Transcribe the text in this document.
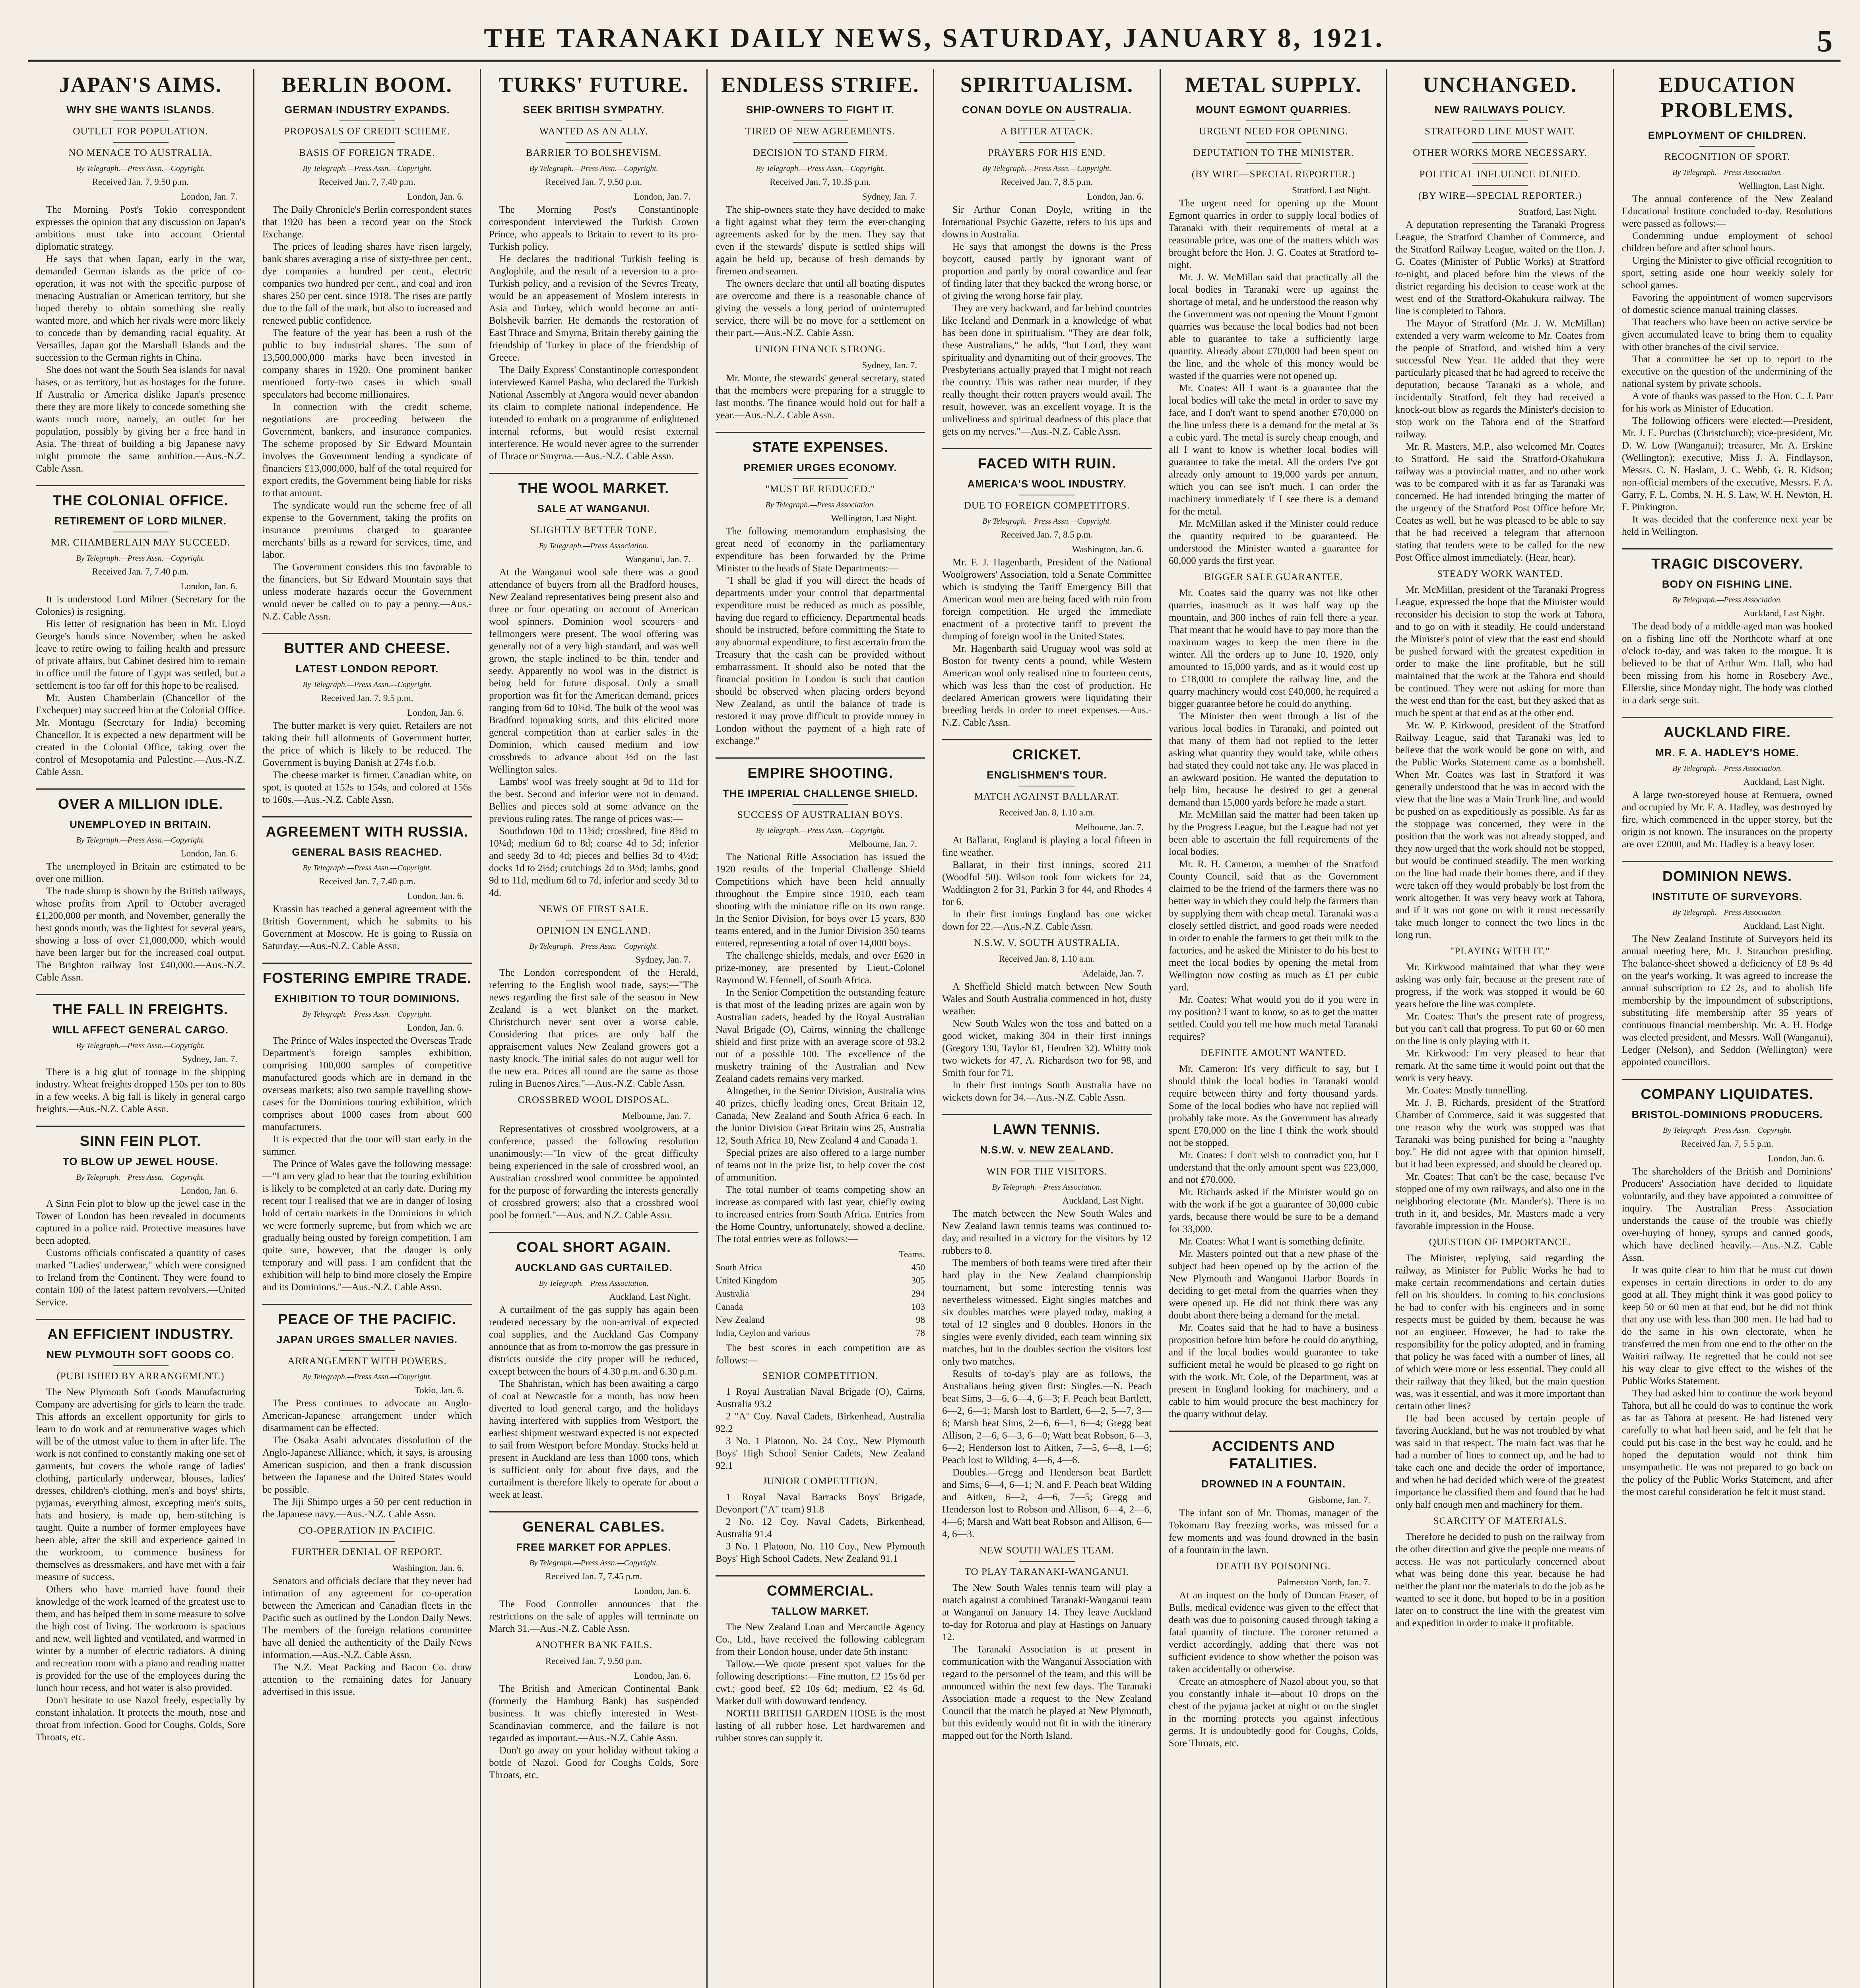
THE TARANAKI DAILY NEWS, SATURDAY, JANUARY 8, 1921.	5
JAPAN'S AIMS.
WHY SHE WANTS ISLANDS.
OUTLET FOR POPULATION.
NO MENACE TO AUSTRALIA.
By Telegraph.—Press Assn.—Copyright.
Received Jan. 7, 9.50 p.m.
London, Jan. 7.

The Morning Post's Tokio correspondent expresses the opinion that any discussion on Japan's ambitions must take into account Oriental diplomatic strategy.

He says that when Japan, early in the war, demanded German islands as the price of co-operation, it was not with the specific purpose of menacing Australian or American territory, but she hoped thereby to obtain something she really wanted more, and which her rivals were more likely to concede than by demanding racial equality. At Versailles, Japan got the Marshall Islands and the succession to the German rights in China.

She does not want the South Sea islands for naval bases, or as territory, but as hostages for the future. If Australia or America dislike Japan's presence there they are more likely to concede something she wants much more, namely, an outlet for her population, possibly by giving her a free hand in Asia. The threat of building a big Japanese navy might promote the same ambition.—Aus.-N.Z. Cable Assn.

THE COLONIAL OFFICE.
RETIREMENT OF LORD MILNER.
MR. CHAMBERLAIN MAY SUCCEED.
By Telegraph.—Press Assn.—Copyright.
Received Jan. 7, 7.40 p.m.
London, Jan. 6.

It is understood Lord Milner (Secretary for the Colonies) is resigning.

His letter of resignation has been in Mr. Lloyd George's hands since November, when he asked leave to retire owing to failing health and pressure of private affairs, but Cabinet desired him to remain in office until the future of Egypt was settled, but a settlement is too far off for this hope to be realised.

Mr. Austen Chamberlain (Chancellor of the Exchequer) may succeed him at the Colonial Office. Mr. Montagu (Secretary for India) becoming Chancellor. It is expected a new department will be created in the Colonial Office, taking over the control of Mesopotamia and Palestine.—Aus.-N.Z. Cable Assn.

OVER A MILLION IDLE.
UNEMPLOYED IN BRITAIN.
By Telegraph.—Press Assn.—Copyright.
London, Jan. 6.

The unemployed in Britain are estimated to be over one million.

The trade slump is shown by the British railways, whose profits from April to October averaged £1,200,000 per month, and November, generally the best goods month, was the lightest for several years, showing a loss of over £1,000,000, which would have been larger but for the increased coal output. The Brighton railway lost £40,000.—Aus.-N.Z. Cable Assn.

THE FALL IN FREIGHTS.
WILL AFFECT GENERAL CARGO.
By Telegraph.—Press Assn.—Copyright.
Sydney, Jan. 7.

There is a big glut of tonnage in the shipping industry. Wheat freights dropped 150s per ton to 80s in a few weeks. A big fall is likely in general cargo freights.—Aus.-N.Z. Cable Assn.

SINN FEIN PLOT.
TO BLOW UP JEWEL HOUSE.
By Telegraph.—Press Assn.—Copyright.
London, Jan. 6.

A Sinn Fein plot to blow up the jewel case in the Tower of London has been revealed in documents captured in a police raid. Protective measures have been adopted.

Customs officials confiscated a quantity of cases marked "Ladies' underwear," which were consigned to Ireland from the Continent. They were found to contain 100 of the latest pattern revolvers.—United Service.

AN EFFICIENT INDUSTRY.
NEW PLYMOUTH SOFT GOODS CO.
(PUBLISHED BY ARRANGEMENT.)

The New Plymouth Soft Goods Manufacturing Company are advertising for girls to learn the trade. This affords an excellent opportunity for girls to learn to do work and at remunerative wages which will be of the utmost value to them in after life. The work is not confined to constantly making one set of garments, but covers the whole range of ladies' clothing, particularly underwear, blouses, ladies' dresses, children's clothing, men's and boys' shirts, pyjamas, everything almost, excepting men's suits, hats and hosiery, is made up, hem-stitching is taught. Quite a number of former employees have been able, after the skill and experience gained in the workroom, to commence business for themselves as dressmakers, and have met with a fair measure of success.

Others who have married have found their knowledge of the work learned of the greatest use to them, and has helped them in some measure to solve the high cost of living. The workroom is spacious and new, well lighted and ventilated, and warmed in winter by a number of electric radiators. A dining and recreation room with a piano and reading matter is provided for the use of the employees during the lunch hour recess, and hot water is also provided.

Don't hesitate to use Nazol freely, especially by constant inhalation. It protects the mouth, nose and throat from infection. Good for Coughs, Colds, Sore Throats, etc.

BERLIN BOOM.
GERMAN INDUSTRY EXPANDS.
PROPOSALS OF CREDIT SCHEME.
BASIS OF FOREIGN TRADE.
By Telegraph.—Press Assn.—Copyright.
Received Jan. 7, 7.40 p.m.
London, Jan. 6.

The Daily Chronicle's Berlin correspondent states that 1920 has been a record year on the Stock Exchange.

The prices of leading shares have risen largely, bank shares averaging a rise of sixty-three per cent., dye companies a hundred per cent., electric companies two hundred per cent., and coal and iron shares 250 per cent. since 1918. The rises are partly due to the fall of the mark, but also to increased and renewed public confidence.

The feature of the year has been a rush of the public to buy industrial shares. The sum of 13,500,000,000 marks have been invested in company shares in 1920. One prominent banker mentioned forty-two cases in which small speculators had become millionaires.

In connection with the credit scheme, negotiations are proceeding between the Government, bankers, and insurance companies. The scheme proposed by Sir Edward Mountain involves the Government lending a syndicate of financiers £13,000,000, half of the total required for export credits, the Government being liable for risks to that amount.

The syndicate would run the scheme free of all expense to the Government, taking the profits on insurance premiums charged to guarantee merchants' bills as a reward for services, time, and labor.

The Government considers this too favorable to the financiers, but Sir Edward Mountain says that unless moderate hazards occur the Government would never be called on to pay a penny.—Aus.-N.Z. Cable Assn.

BUTTER AND CHEESE.
LATEST LONDON REPORT.
By Telegraph.—Press Assn.—Copyright.
Received Jan. 7, 9.5 p.m.
London, Jan. 6.

The butter market is very quiet. Retailers are not taking their full allotments of Government butter, the price of which is likely to be reduced. The Government is buying Danish at 274s f.o.b.

The cheese market is firmer. Canadian white, on spot, is quoted at 152s to 154s, and colored at 156s to 160s.—Aus.-N.Z. Cable Assn.

AGREEMENT WITH RUSSIA.
GENERAL BASIS REACHED.
By Telegraph.—Press Assn.—Copyright.
Received Jan. 7, 7.40 p.m.
London, Jan. 6.

Krassin has reached a general agreement with the British Government, which he submits to his Government at Moscow. He is going to Russia on Saturday.—Aus.-N.Z. Cable Assn.

FOSTERING EMPIRE TRADE.
EXHIBITION TO TOUR DOMINIONS.
By Telegraph.—Press Assn.—Copyright.
London, Jan. 6.

The Prince of Wales inspected the Overseas Trade Department's foreign samples exhibition, comprising 100,000 samples of competitive manufactured goods which are in demand in the overseas markets; also two sample travelling show-cases for the Dominions touring exhibition, which comprises about 1000 cases from about 600 manufacturers.

It is expected that the tour will start early in the summer.

The Prince of Wales gave the following message:—"I am very glad to hear that the touring exhibition is likely to be completed at an early date. During my recent tour I realised that we are in danger of losing hold of certain markets in the Dominions in which we were formerly supreme, but from which we are gradually being ousted by foreign competition. I am quite sure, however, that the danger is only temporary and will pass. I am confident that the exhibition will help to bind more closely the Empire and its Dominions."—Aus.-N.Z. Cable Assn.

PEACE OF THE PACIFIC.
JAPAN URGES SMALLER NAVIES.
ARRANGEMENT WITH POWERS.
By Telegraph.—Press Assn.—Copyright.
Tokio, Jan. 6.

The Press continues to advocate an Anglo-American-Japanese arrangement under which disarmament can be effected.

The Osaka Asahi advocates dissolution of the Anglo-Japanese Alliance, which, it says, is arousing American suspicion, and then a frank discussion between the Japanese and the United States would be possible.

The Jiji Shimpo urges a 50 per cent reduction in the Japanese navy.—Aus.-N.Z. Cable Assn.

CO-OPERATION IN PACIFIC.
FURTHER DENIAL OF REPORT.
Washington, Jan. 6.

Senators and officials declare that they never had intimation of any agreement for co-operation between the American and Canadian fleets in the Pacific such as outlined by the London Daily News. The members of the foreign relations committee have all denied the authenticity of the Daily News information.—Aus.-N.Z. Cable Assn.

The N.Z. Meat Packing and Bacon Co. draw attention to the remaining dates for January advertised in this issue.

TURKS' FUTURE.
SEEK BRITISH SYMPATHY.
WANTED AS AN ALLY.
BARRIER TO BOLSHEVISM.
By Telegraph.—Press Assn.—Copyright.
Received Jan. 7, 9.50 p.m.
London, Jan. 7.

The Morning Post's Constantinople correspondent interviewed the Turkish Crown Prince, who appeals to Britain to revert to its pro-Turkish policy.

He declares the traditional Turkish feeling is Anglophile, and the result of a reversion to a pro-Turkish policy, and a revision of the Sevres Treaty, would be an appeasement of Moslem interests in Asia and Turkey, which would become an anti-Bolshevik barrier. He demands the restoration of East Thrace and Smyrna, Britain thereby gaining the friendship of Turkey in place of the friendship of Greece.

The Daily Express' Constantinople correspondent interviewed Kamel Pasha, who declared the Turkish National Assembly at Angora would never abandon its claim to complete national independence. He intended to embark on a programme of enlightened internal reforms, but would resist external interference. He would never agree to the surrender of Thrace or Smyrna.—Aus.-N.Z. Cable Assn.

THE WOOL MARKET.
SALE AT WANGANUI.
SLIGHTLY BETTER TONE.
By Telegraph.—Press Association.
Wanganui, Jan. 7.

At the Wanganui wool sale there was a good attendance of buyers from all the Bradford houses, New Zealand representatives being present also and three or four operating on account of American wool spinners. Dominion wool scourers and fellmongers were present. The wool offering was generally not of a very high standard, and was well grown, the staple inclined to be thin, tender and seedy. Apparently no wool was in the district is being held for future disposal. Only a small proportion was fit for the American demand, prices ranging from 6d to 10¼d. The bulk of the wool was Bradford topmaking sorts, and this elicited more general competition than at earlier sales in the Dominion, which caused medium and low crossbreds to advance about ½d on the last Wellington sales.

Lambs' wool was freely sought at 9d to 11d for the best. Second and inferior were not in demand. Bellies and pieces sold at some advance on the previous ruling rates. The range of prices was:—

Southdown 10d to 11¾d; crossbred, fine 8¾d to 10¼d; medium 6d to 8d; coarse 4d to 5d; inferior and seedy 3d to 4d; pieces and bellies 3d to 4½d; docks 1d to 2½d; crutchings 2d to 3½d; lambs, good 9d to 11d, medium 6d to 7d, inferior and seedy 3d to 4d.

NEWS OF FIRST SALE.
OPINION IN ENGLAND.
By Telegraph.—Press Assn.—Copyright.
Sydney, Jan. 7.

The London correspondent of the Herald, referring to the English wool trade, says:—"The news regarding the first sale of the season in New Zealand is a wet blanket on the market. Christchurch never sent over a worse cable. Considering that prices are only half the appraisement values New Zealand growers got a nasty knock. The initial sales do not augur well for the new era. Prices all round are the same as those ruling in Buenos Aires."—Aus.-N.Z. Cable Assn.

CROSSBRED WOOL DISPOSAL.
Melbourne, Jan. 7.

Representatives of crossbred woolgrowers, at a conference, passed the following resolution unanimously:—"In view of the great difficulty being experienced in the sale of crossbred wool, an Australian crossbred wool committee be appointed for the purpose of forwarding the interests generally of crossbred growers; also that a crossbred wool pool be formed."—Aus. and N.Z. Cable Assn.

COAL SHORT AGAIN.
AUCKLAND GAS CURTAILED.
By Telegraph.—Press Association.
Auckland, Last Night.

A curtailment of the gas supply has again been rendered necessary by the non-arrival of expected coal supplies, and the Auckland Gas Company announce that as from to-morrow the gas pressure in districts outside the city proper will be reduced, except between the hours of 4.30 p.m. and 6.30 p.m.

The Shahristan, which has been awaiting a cargo of coal at Newcastle for a month, has now been diverted to load general cargo, and the holidays having interfered with supplies from Westport, the earliest shipment westward expected is not expected to sail from Westport before Monday. Stocks held at present in Auckland are less than 1000 tons, which is sufficient only for about five days, and the curtailment is therefore likely to operate for about a week at least.

GENERAL CABLES.
FREE MARKET FOR APPLES.
By Telegraph.—Press Assn.—Copyright.
Received Jan. 7, 7.45 p.m.
London, Jan. 6.

The Food Controller announces that the restrictions on the sale of apples will terminate on March 31.—Aus.-N.Z. Cable Assn.

ANOTHER BANK FAILS.
Received Jan. 7, 9.50 p.m.
London, Jan. 6.

The British and American Continental Bank (formerly the Hamburg Bank) has suspended business. It was chiefly interested in West-Scandinavian commerce, and the failure is not regarded as important.—Aus.-N.Z. Cable Assn.

Don't go away on your holiday without taking a bottle of Nazol. Good for Coughs Colds, Sore Throats, etc.

ENDLESS STRIFE.
SHIP-OWNERS TO FIGHT IT.
TIRED OF NEW AGREEMENTS.
DECISION TO STAND FIRM.
By Telegraph.—Press Assn.—Copyright.
Received Jan. 7, 10.35 p.m.
Sydney, Jan. 7.

The ship-owners state they have decided to make a fight against what they term the ever-changing agreements asked for by the men. They say that even if the stewards' dispute is settled ships will again be held up, because of fresh demands by firemen and seamen.

The owners declare that until all boating disputes are overcome and there is a reasonable chance of giving the vessels a long period of uninterrupted service, there will be no move for a settlement on their part.—Aus.-N.Z. Cable Assn.

UNION FINANCE STRONG.
Sydney, Jan. 7.

Mr. Monte, the stewards' general secretary, stated that the members were preparing for a struggle to last months. The finance would hold out for half a year.—Aus.-N.Z. Cable Assn.

STATE EXPENSES.
PREMIER URGES ECONOMY.
"MUST BE REDUCED."
By Telegraph.—Press Association.
Wellington, Last Night.

The following memorandum emphasising the great need of economy in the parliamentary expenditure has been forwarded by the Prime Minister to the heads of State Departments:—

"I shall be glad if you will direct the heads of departments under your control that departmental expenditure must be reduced as much as possible, having due regard to efficiency. Departmental heads should be instructed, before committing the State to any abnormal expenditure, to first ascertain from the Treasury that the cash can be provided without embarrassment. It should also be noted that the financial position in London is such that caution should be observed when placing orders beyond New Zealand, as until the balance of trade is restored it may prove difficult to provide money in London without the payment of a high rate of exchange."

EMPIRE SHOOTING.
THE IMPERIAL CHALLENGE SHIELD.
SUCCESS OF AUSTRALIAN BOYS.
By Telegraph.—Press Assn.—Copyright.
Melbourne, Jan. 7.

The National Rifle Association has issued the 1920 results of the Imperial Challenge Shield Competitions which have been held annually throughout the Empire since 1910, each team shooting with the miniature rifle on its own range. In the Senior Division, for boys over 15 years, 830 teams entered, and in the Junior Division 350 teams entered, representing a total of over 14,000 boys.

The challenge shields, medals, and over £620 in prize-money, are presented by Lieut.-Colonel Raymond W. Ffennell, of South Africa.

In the Senior Competition the outstanding feature is that most of the leading prizes are again won by Australian cadets, headed by the Royal Australian Naval Brigade (O), Cairns, winning the challenge shield and first prize with an average score of 93.2 out of a possible 100. The excellence of the musketry training of the Australian and New Zealand cadets remains very marked.

Altogether, in the Senior Division, Australia wins 40 prizes, chiefly leading ones, Great Britain 12, Canada, New Zealand and South Africa 6 each. In the Junior Division Great Britain wins 25, Australia 12, South Africa 10, New Zealand 4 and Canada 1.

Special prizes are also offered to a large number of teams not in the prize list, to help cover the cost of ammunition.

The total number of teams competing show an increase as compared with last year, chiefly owing to increased entries from South Africa. Entries from the Home Country, unfortunately, showed a decline. The total entries were as follows:—

	Teams.
South Africa	450
United Kingdom	305
Australia	294
Canada	103
New Zealand	98
India, Ceylon and various	78

The best scores in each competition are as follows:—

SENIOR COMPETITION.

1 Royal Australian Naval Brigade (O), Cairns, Australia 93.2

2 "A" Coy. Naval Cadets, Birkenhead, Australia 92.2

3 No. 1 Platoon, No. 24 Coy., New Plymouth Boys' High School Senior Cadets, New Zealand 92.1

JUNIOR COMPETITION.

1 Royal Naval Barracks Boys' Brigade, Devonport ("A" team) 91.8

2 No. 12 Coy. Naval Cadets, Birkenhead, Australia 91.4

3 No. 1 Platoon, No. 110 Coy., New Plymouth Boys' High School Cadets, New Zealand 91.1

COMMERCIAL.
TALLOW MARKET.

The New Zealand Loan and Mercantile Agency Co., Ltd., have received the following cablegram from their London house, under date 5th instant:

Tallow.—We quote present spot values for the following descriptions:—Fine mutton, £2 15s 6d per cwt.; good beef, £2 10s 6d; medium, £2 4s 6d. Market dull with downward tendency.

NORTH BRITISH GARDEN HOSE is the most lasting of all rubber hose. Let hardwaremen and rubber stores can supply it.

SPIRITUALISM.
CONAN DOYLE ON AUSTRALIA.
A BITTER ATTACK.
PRAYERS FOR HIS END.
By Telegraph.—Press Assn.—Copyright.
Received Jan. 7, 8.5 p.m.
London, Jan. 6.

Sir Arthur Conan Doyle, writing in the International Psychic Gazette, refers to his ups and downs in Australia.

He says that amongst the downs is the Press boycott, caused partly by ignorant want of proportion and partly by moral cowardice and fear of finding later that they backed the wrong horse, or of giving the wrong horse fair play.

They are very backward, and far behind countries like Iceland and Denmark in a knowledge of what has been done in spiritualism. "They are dear folk, these Australians," he adds, "but Lord, they want spirituality and dynamiting out of their grooves. The Presbyterians actually prayed that I might not reach the country. This was rather near murder, if they really thought their rotten prayers would avail. The result, however, was an excellent voyage. It is the unliveliness and spiritual deadness of this place that gets on my nerves."—Aus.-N.Z. Cable Assn.

FACED WITH RUIN.
AMERICA'S WOOL INDUSTRY.
DUE TO FOREIGN COMPETITORS.
By Telegraph.—Press Assn.—Copyright.
Received Jan. 7, 8.5 p.m.
Washington, Jan. 6.

Mr. F. J. Hagenbarth, President of the National Woolgrowers' Association, told a Senate Committee which is studying the Tariff Emergency Bill that American wool men are being faced with ruin from foreign competition. He urged the immediate enactment of a protective tariff to prevent the dumping of foreign wool in the United States.

Mr. Hagenbarth said Uruguay wool was sold at Boston for twenty cents a pound, while Western American wool only realised nine to fourteen cents, which was less than the cost of production. He declared American growers were liquidating their breeding herds in order to meet expenses.—Aus.-N.Z. Cable Assn.

CRICKET.
ENGLISHMEN'S TOUR.
MATCH AGAINST BALLARAT.
Received Jan. 8, 1.10 a.m.
Melbourne, Jan. 7.

At Ballarat, England is playing a local fifteen in fine weather.

Ballarat, in their first innings, scored 211 (Woodful 50). Wilson took four wickets for 24, Waddington 2 for 31, Parkin 3 for 44, and Rhodes 4 for 6.

In their first innings England has one wicket down for 22.—Aus.-N.Z. Cable Assn.

N.S.W. V. SOUTH AUSTRALIA.
Received Jan. 8, 1.10 a.m.
Adelaide, Jan. 7.

A Sheffield Shield match between New South Wales and South Australia commenced in hot, dusty weather.

New South Wales won the toss and batted on a good wicket, making 304 in their first innings (Gregory 130, Taylor 61, Hendren 32). Whitty took two wickets for 47, A. Richardson two for 98, and Smith four for 71.

In their first innings South Australia have no wickets down for 34.—Aus.-N.Z. Cable Assn.

LAWN TENNIS.
N.S.W. v. NEW ZEALAND.
WIN FOR THE VISITORS.
By Telegraph.—Press Association.
Auckland, Last Night.

The match between the New South Wales and New Zealand lawn tennis teams was continued to-day, and resulted in a victory for the visitors by 12 rubbers to 8.

The members of both teams were tired after their hard play in the New Zealand championship tournament, but some interesting tennis was nevertheless witnessed. Eight singles matches and six doubles matches were played today, making a total of 12 singles and 8 doubles. Honors in the singles were evenly divided, each team winning six matches, but in the doubles section the visitors lost only two matches.

Results of to-day's play are as follows, the Australians being given first: Singles.—N. Peach beat Sims, 3—6, 6—4, 6—3; F. Peach beat Bartlett, 6—2, 6—1; Marsh lost to Bartlett, 6—2, 5—7, 3—6; Marsh beat Sims, 2—6, 6—1, 6—4; Gregg beat Allison, 2—6, 6—3, 6—0; Watt beat Robson, 6—3, 6—2; Henderson lost to Aitken, 7—5, 6—8, 1—6; Peach lost to Wilding, 4—6, 4—6.

Doubles.—Gregg and Henderson beat Bartlett and Sims, 6—4, 6—1; N. and F. Peach beat Wilding and Aitken, 6—2, 4—6, 7—5; Gregg and Henderson lost to Robson and Allison, 6—4, 2—6, 4—6; Marsh and Watt beat Robson and Allison, 6—4, 6—3.

NEW SOUTH WALES TEAM.
TO PLAY TARANAKI-WANGANUI.

The New South Wales tennis team will play a match against a combined Taranaki-Wanganui team at Wanganui on January 14. They leave Auckland to-day for Rotorua and play at Hastings on January 12.

The Taranaki Association is at present in communication with the Wanganui Association with regard to the personnel of the team, and this will be announced within the next few days. The Taranaki Association made a request to the New Zealand Council that the match be played at New Plymouth, but this evidently would not fit in with the itinerary mapped out for the North Island.

METAL SUPPLY.
MOUNT EGMONT QUARRIES.
URGENT NEED FOR OPENING.
DEPUTATION TO THE MINISTER.
(BY WIRE—SPECIAL REPORTER.)
Stratford, Last Night.

The urgent need for opening up the Mount Egmont quarries in order to supply local bodies of Taranaki with their requirements of metal at a reasonable price, was one of the matters which was brought before the Hon. J. G. Coates at Stratford to-night.

Mr. J. W. McMillan said that practically all the local bodies in Taranaki were up against the shortage of metal, and he understood the reason why the Government was not opening the Mount Egmont quarries was because the local bodies had not been able to guarantee to take a sufficiently large quantity. Already about £70,000 had been spent on the line, and the whole of this money would be wasted if the quarries were not opened up.

Mr. Coates: All I want is a guarantee that the local bodies will take the metal in order to save my face, and I don't want to spend another £70,000 on the line unless there is a demand for the metal at 3s a cubic yard. The metal is surely cheap enough, and all I want to know is whether local bodies will guarantee to take the metal. All the orders I've got already only amount to 19,000 yards per annum, which you can see isn't much. I can order the machinery immediately if I see there is a demand for the metal.

Mr. McMillan asked if the Minister could reduce the quantity required to be guaranteed. He understood the Minister wanted a guarantee for 60,000 yards the first year.

BIGGER SALE GUARANTEE.

Mr. Coates said the quarry was not like other quarries, inasmuch as it was half way up the mountain, and 300 inches of rain fell there a year. That meant that he would have to pay more than the maximum wages to keep the men there in the winter. All the orders up to June 10, 1920, only amounted to 15,000 yards, and as it would cost up to £18,000 to complete the railway line, and the quarry machinery would cost £40,000, he required a bigger guarantee before he could do anything.

The Minister then went through a list of the various local bodies in Taranaki, and pointed out that many of them had not replied to the letter asking what quantity they would take, while others had stated they could not take any. He was placed in an awkward position. He wanted the deputation to help him, because he desired to get a general demand than 15,000 yards before he made a start.

Mr. McMillan said the matter had been taken up by the Progress League, but the League had not yet been able to ascertain the full requirements of the local bodies.

Mr. R. H. Cameron, a member of the Stratford County Council, said that as the Government claimed to be the friend of the farmers there was no better way in which they could help the farmers than by supplying them with cheap metal. Taranaki was a closely settled district, and good roads were needed in order to enable the farmers to get their milk to the factories, and he asked the Minister to do his best to meet the local bodies by opening the metal from Wellington now costing as much as £1 per cubic yard.

Mr. Coates: What would you do if you were in my position? I want to know, so as to get the matter settled. Could you tell me how much metal Taranaki requires?

DEFINITE AMOUNT WANTED.

Mr. Cameron: It's very difficult to say, but I should think the local bodies in Taranaki would require between thirty and forty thousand yards. Some of the local bodies who have not replied will probably take more. As the Government has already spent £70,000 on the line I think the work should not be stopped.

Mr. Coates: I don't wish to contradict you, but I understand that the only amount spent was £23,000, and not £70,000.

Mr. Richards asked if the Minister would go on with the work if he got a guarantee of 30,000 cubic yards, because there would be sure to be a demand for 33,000.

Mr. Coates: What I want is something definite.

Mr. Masters pointed out that a new phase of the subject had been opened up by the action of the New Plymouth and Wanganui Harbor Boards in deciding to get metal from the quarries when they were opened up. He did not think there was any doubt about there being a demand for the metal.

Mr. Coates said that he had to have a business proposition before him before he could do anything, and if the local bodies would guarantee to take sufficient metal he would be pleased to go right on with the work. Mr. Cole, of the Department, was at present in England looking for machinery, and a cable to him would procure the best machinery for the quarry without delay.

ACCIDENTS AND FATALITIES.
DROWNED IN A FOUNTAIN.
Gisborne, Jan. 7.

The infant son of Mr. Thomas, manager of the Tokomaru Bay freezing works, was missed for a few moments and was found drowned in the basin of a fountain in the lawn.

DEATH BY POISONING.
Palmerston North, Jan. 7.

At an inquest on the body of Duncan Fraser, of Bulls, medical evidence was given to the effect that death was due to poisoning caused through taking a fatal quantity of tincture. The coroner returned a verdict accordingly, adding that there was not sufficient evidence to show whether the poison was taken accidentally or otherwise.

Create an atmosphere of Nazol about you, so that you constantly inhale it—about 10 drops on the chest of the pyjama jacket at night or on the singlet in the morning protects you against infectious germs. It is undoubtedly good for Coughs, Colds, Sore Throats, etc.

UNCHANGED.
NEW RAILWAYS POLICY.
STRATFORD LINE MUST WAIT.
OTHER WORKS MORE NECESSARY.
POLITICAL INFLUENCE DENIED.
(BY WIRE—SPECIAL REPORTER.)
Stratford, Last Night.

A deputation representing the Taranaki Progress League, the Stratford Chamber of Commerce, and the Stratford Railway League, waited on the Hon. J. G. Coates (Minister of Public Works) at Stratford to-night, and placed before him the views of the district regarding his decision to cease work at the west end of the Stratford-Okahukura railway. The line is completed to Tahora.

The Mayor of Stratford (Mr. J. W. McMillan) extended a very warm welcome to Mr. Coates from the people of Stratford, and wished him a very successful New Year. He added that they were particularly pleased that he had agreed to receive the deputation, because Taranaki as a whole, and incidentally Stratford, felt they had received a knock-out blow as regards the Minister's decision to stop work on the Tahora end of the Stratford railway.

Mr. R. Masters, M.P., also welcomed Mr. Coates to Stratford. He said the Stratford-Okahukura railway was a provincial matter, and no other work was to be compared with it as far as Taranaki was concerned. He had intended bringing the matter of the urgency of the Stratford Post Office before Mr. Coates as well, but he was pleased to be able to say that he had received a telegram that afternoon stating that tenders were to be called for the new Post Office almost immediately. (Hear, hear).

STEADY WORK WANTED.

Mr. McMillan, president of the Taranaki Progress League, expressed the hope that the Minister would reconsider his decision to stop the work at Tahora, and to go on with it steadily. He could understand the Minister's point of view that the east end should be pushed forward with the greatest expedition in order to make the line profitable, but he still maintained that the work at the Tahora end should be continued. They were not asking for more than the west end than for the east, but they asked that as much be spent at that end as at the other end.

Mr. W. P. Kirkwood, president of the Stratford Railway League, said that Taranaki was led to believe that the work would be gone on with, and the Public Works Statement came as a bombshell. When Mr. Coates was last in Stratford it was generally understood that he was in accord with the view that the line was a Main Trunk line, and would be pushed on as expeditiously as possible. As far as the stoppage was concerned, they were in the position that the work was not already stopped, and they now urged that the work should not be stopped, but would be continued steadily. The men working on the line had made their homes there, and if they were taken off they would probably be lost from the work altogether. It was very heavy work at Tahora, and if it was not gone on with it must necessarily take much longer to connect the two lines in the long run.

"PLAYING WITH IT."

Mr. Kirkwood maintained that what they were asking was only fair, because at the present rate of progress, if the work was stopped it would be 60 years before the line was complete.

Mr. Coates: That's the present rate of progress, but you can't call that progress. To put 60 or 60 men on the line is only playing with it.

Mr. Kirkwood: I'm very pleased to hear that remark. At the same time it would point out that the work is very heavy.

Mr. Coates: Mostly tunnelling.

Mr. J. B. Richards, president of the Stratford Chamber of Commerce, said it was suggested that one reason why the work was stopped was that Taranaki was being punished for being a "naughty boy." He did not agree with that opinion himself, but it had been expressed, and should be cleared up.

Mr. Coates: That can't be the case, because I've stopped one of my own railways, and also one in the neighboring electorate (Mr. Mander's). There is no truth in it, and besides, Mr. Masters made a very favorable impression in the House.

QUESTION OF IMPORTANCE.

The Minister, replying, said regarding the railway, as Minister for Public Works he had to make certain recommendations and certain duties fell on his shoulders. In coming to his conclusions he had to confer with his engineers and in some respects must be guided by them, because he was not an engineer. However, he had to take the responsibility for the policy adopted, and in framing that policy he was faced with a number of lines, all of which were more or less essential. They could all their railway that they liked, but the main question was, was it essential, and was it more important than certain other lines?

He had been accused by certain people of favoring Auckland, but he was not troubled by what was said in that respect. The main fact was that he had a number of lines to connect up, and he had to take each one and decide the order of importance, and when he had decided which were of the greatest importance he classified them and found that he had only half enough men and machinery for them.

SCARCITY OF MATERIALS.

Therefore he decided to push on the railway from the other direction and give the people one means of access. He was not particularly concerned about what was being done this year, because he had neither the plant nor the materials to do the job as he wanted to see it done, but hoped to be in a position later on to construct the line with the greatest vim and expedition in order to make it profitable.

EDUCATION PROBLEMS.
EMPLOYMENT OF CHILDREN.
RECOGNITION OF SPORT.
By Telegraph.—Press Association.
Wellington, Last Night.

The annual conference of the New Zealand Educational Institute concluded to-day. Resolutions were passed as follows:—

Condemning undue employment of school children before and after school hours.

Urging the Minister to give official recognition to sport, setting aside one hour weekly solely for school games.

Favoring the appointment of women supervisors of domestic science manual training classes.

That teachers who have been on active service be given accumulated leave to bring them to equality with other branches of the civil service.

That a committee be set up to report to the executive on the question of the undermining of the national system by private schools.

A vote of thanks was passed to the Hon. C. J. Parr for his work as Minister of Education.

The following officers were elected:—President, Mr. J. E. Purchas (Christchurch); vice-president, Mr. D. W. Low (Wanganui); treasurer, Mr. A. Erskine (Wellington); executive, Miss J. A. Findlayson, Messrs. C. N. Haslam, J. C. Webb, G. R. Kidson; non-official members of the executive, Messrs. F. A. Garry, F. L. Combs, N. H. S. Law, W. H. Newton, H. F. Pinkington.

It was decided that the conference next year be held in Wellington.

TRAGIC DISCOVERY.
BODY ON FISHING LINE.
By Telegraph.—Press Association.
Auckland, Last Night.

The dead body of a middle-aged man was hooked on a fishing line off the Northcote wharf at one o'clock to-day, and was taken to the morgue. It is believed to be that of Arthur Wm. Hall, who had been missing from his home in Rosebery Ave., Ellerslie, since Monday night. The body was clothed in a dark serge suit.

AUCKLAND FIRE.
MR. F. A. HADLEY'S HOME.
By Telegraph.—Press Association.
Auckland, Last Night.

A large two-storeyed house at Remuera, owned and occupied by Mr. F. A. Hadley, was destroyed by fire, which commenced in the upper storey, but the origin is not known. The insurances on the property are over £2000, and Mr. Hadley is a heavy loser.

DOMINION NEWS.
INSTITUTE OF SURVEYORS.
By Telegraph.—Press Association.
Auckland, Last Night.

The New Zealand Institute of Surveyors held its annual meeting here, Mr. J. Strauchon presiding. The balance-sheet showed a deficiency of £8 9s 4d on the year's working. It was agreed to increase the annual subscription to £2 2s, and to abolish life membership by the impoundment of subscriptions, substituting life membership after 35 years of continuous financial membership. Mr. A. H. Hodge was elected president, and Messrs. Wall (Wanganui), Ledger (Nelson), and Seddon (Wellington) were appointed councillors.

COMPANY LIQUIDATES.
BRISTOL-DOMINIONS PRODUCERS.
By Telegraph.—Press Assn.—Copyright.
Received Jan. 7, 5.5 p.m.
London, Jan. 6.

The shareholders of the British and Dominions' Producers' Association have decided to liquidate voluntarily, and they have appointed a committee of inquiry. The Australian Press Association understands the cause of the trouble was chiefly over-buying of honey, syrups and canned goods, which have declined heavily.—Aus.-N.Z. Cable Assn.

It was quite clear to him that he must cut down expenses in certain directions in order to do any good at all. They might think it was good policy to keep 50 or 60 men at that end, but he did not think that any use with less than 300 men. He had had to do the same in his own electorate, when he transferred the men from one end to the other on the Waitiri railway. He regretted that he could not see his way clear to give effect to the wishes of the Public Works Statement.

They had asked him to continue the work beyond Tahora, but all he could do was to continue the work as far as Tahora at present. He had listened very carefully to what had been said, and he felt that he could put his case in the best way he could, and he hoped the deputation would not think him unsympathetic. He was not prepared to go back on the policy of the Public Works Statement, and after the most careful consideration he felt it must stand.
